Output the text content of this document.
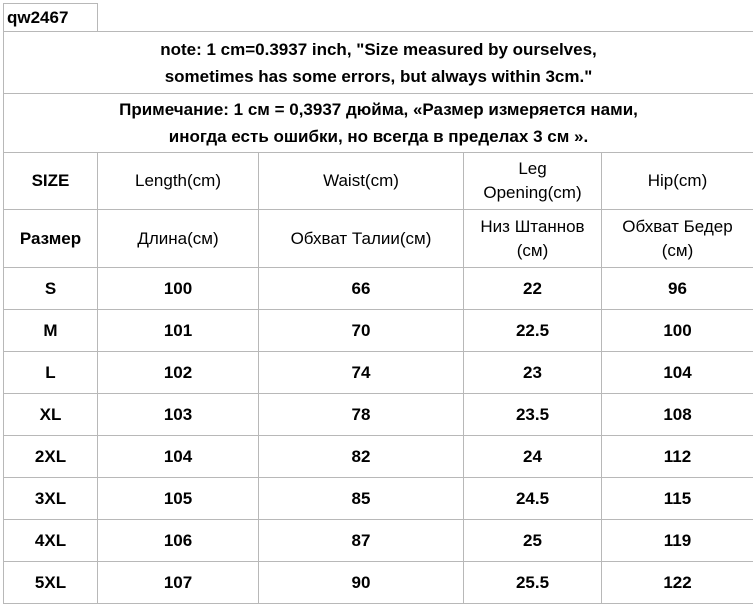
qw2467				

note: 1 cm=0.3937 inch, "Size measured by ourselves,
sometimes has some errors, but always within 3cm."				

Примечание: 1 см = 0,3937 дюйма, «Размер измеряется нами,
иногда есть ошибки, но всегда в пределах 3 см ».				

SIZE	Length(cm)	Waist(cm)	Leg
Opening(cm)	Hip(cm)
Размер	Длина(см)	Обхват Талии(см)	Низ Штаннов
(см)	Обхват Бедер
(см)

S	100	66	22	96
M	101	70	22.5	100
L	102	74	23	104
XL	103	78	23.5	108
2XL	104	82	24	112
3XL	105	85	24.5	115
4XL	106	87	25	119
5XL	107	90	25.5	122
